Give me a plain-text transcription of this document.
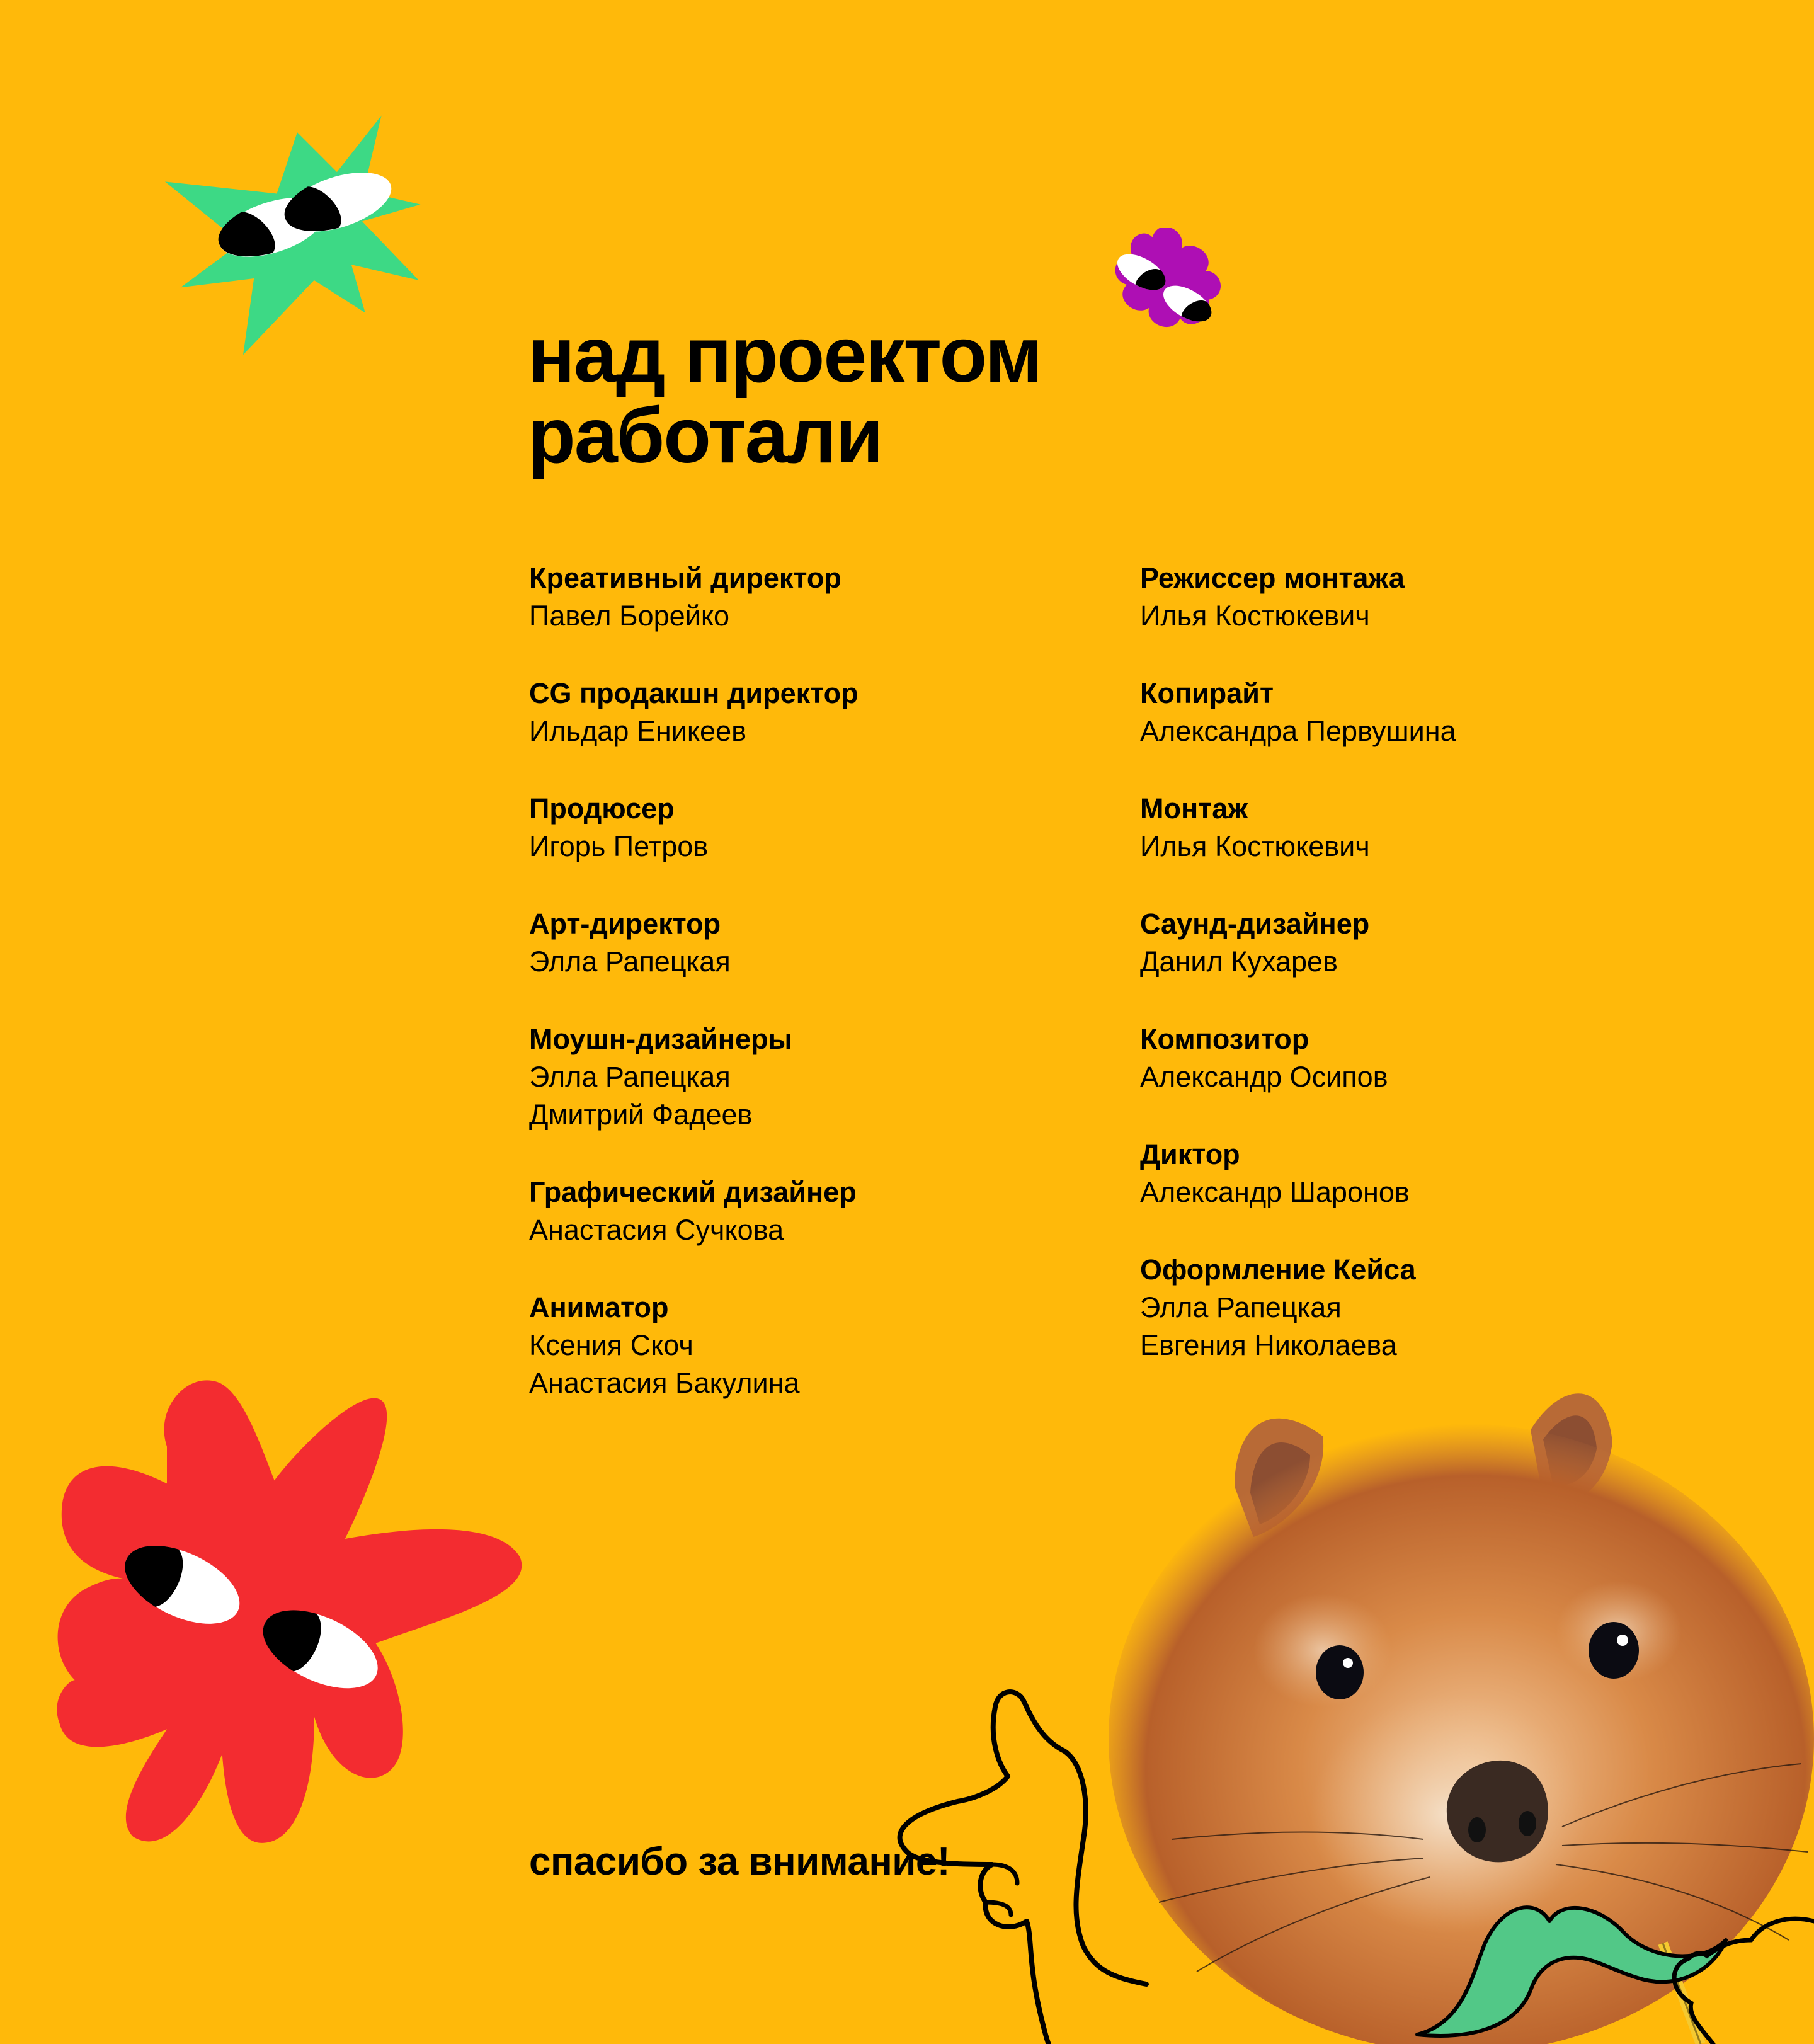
над проектом
работали
Креативный директор
Павел Борейко
CG продакшн директор
Ильдар Еникеев
Продюсер
Игорь Петров
Арт-директор
Элла Рапецкая
Моушн-дизайнеры
Элла Рапецкая
Дмитрий Фадеев
Графический дизайнер
Анастасия Сучкова
Аниматор
Ксения Скоч
Анастасия Бакулина
Режиссер монтажа
Илья Костюкевич
Копирайт
Александра Первушина
Монтаж
Илья Костюкевич
Саунд-дизайнер
Данил Кухарев
Композитор
Александр Осипов
Диктор
Александр Шаронов
Оформление Кейса
Элла Рапецкая
Евгения Николаева
спасибо за внимание!
